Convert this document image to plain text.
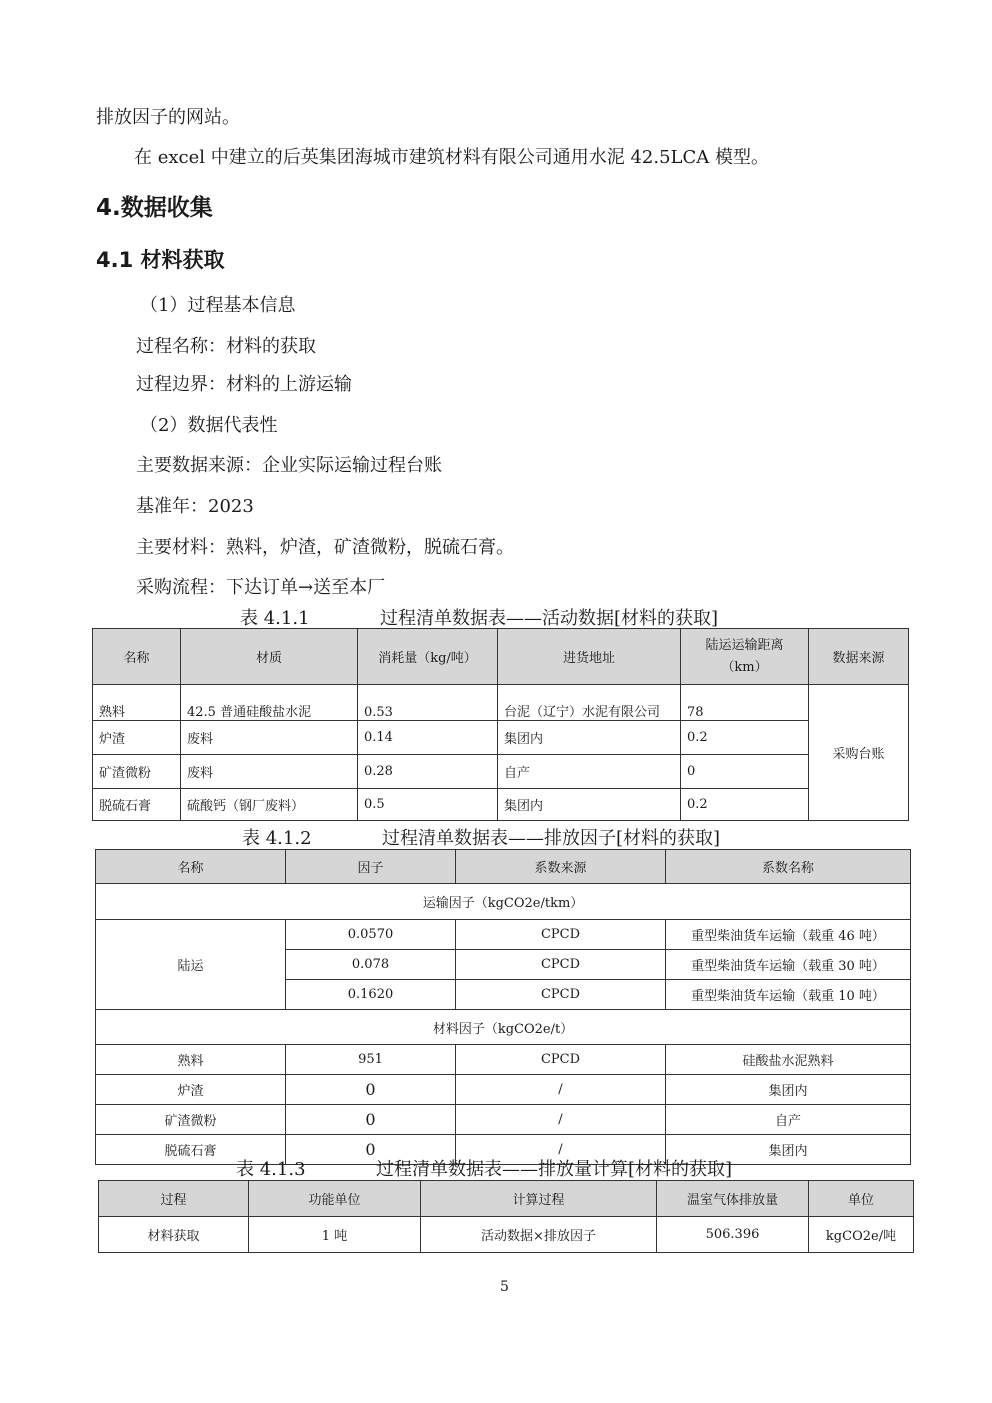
排放因子的网站。
在 excel 中建立的后英集团海城市建筑材料有限公司通用水泥 42.5LCA 模型。
4.数据收集
4.1 材料获取
（1）过程基本信息
过程名称：材料的获取
过程边界：材料的上游运输
（2）数据代表性
主要数据来源：企业实际运输过程台账
基准年：2023
主要材料：熟料，炉渣，矿渣微粉，脱硫石膏。
采购流程：下达订单→送至本厂
表 4.1.1	过程清单数据表——活动数据[材料的获取]
名称	材质	消耗量（kg/吨）	进货地址	陆运运输距离（km）	数据来源
熟料	42.5 普通硅酸盐水泥	0.53	台泥（辽宁）水泥有限公司	78	采购台账
炉渣	废料	0.14	集团内	0.2	
矿渣微粉	废料	0.28	自产	0	
脱硫石膏	硫酸钙（钢厂废料）	0.5	集团内	0.2	
表 4.1.2	过程清单数据表——排放因子[材料的获取]
名称	因子	系数来源	系数名称
运输因子（kgCO2e/tkm）			
陆运	0.0570	CPCD	重型柴油货车运输（载重 46 吨）
	0.078	CPCD	重型柴油货车运输（载重 30 吨）
	0.1620	CPCD	重型柴油货车运输（载重 10 吨）
材料因子（kgCO2e/t）			
熟料	951	CPCD	硅酸盐水泥熟料
炉渣	0	/	集团内
矿渣微粉	0	/	自产
脱硫石膏	0	/	集团内
表 4.1.3	过程清单数据表——排放量计算[材料的获取]
过程	功能单位	计算过程	温室气体排放量	单位
材料获取	1 吨	活动数据×排放因子	506.396	kgCO2e/吨
5
